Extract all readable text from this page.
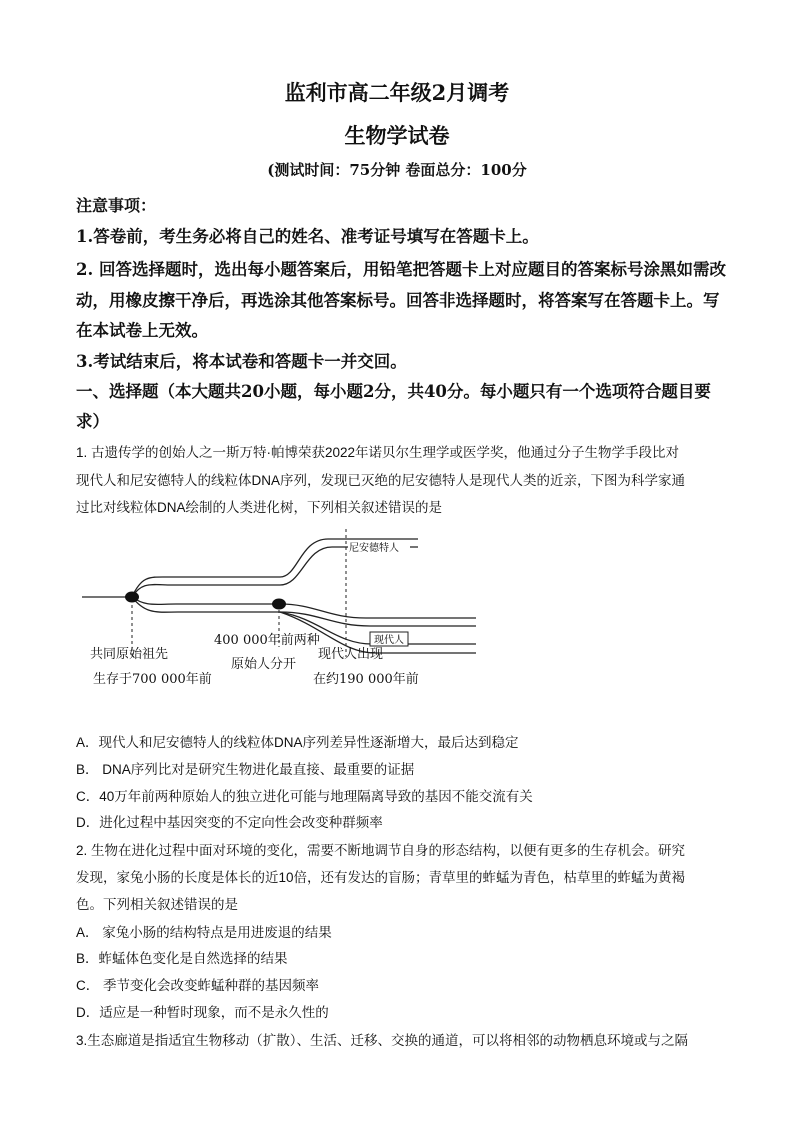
监利市高二年级2月调考
生物学试卷
(测试时间：75分钟 卷面总分：100分
注意事项：
1.答卷前，考生务必将自己的姓名、准考证号填写在答题卡上。
2. 回答选择题时，选出每小题答案后，用铅笔把答题卡上对应题目的答案标号涂黑如需改
动，用橡皮擦干净后，再选涂其他答案标号。回答非选择题时，将答案写在答题卡上。写
在本试卷上无效。
3.考试结束后，将本试卷和答题卡一并交回。
一、选择题（本大题共20小题，每小题2分，共40分。每小题只有一个选项符合题目要
求）
1. 古遗传学的创始人之一斯万特·帕博荣获2022年诺贝尔生理学或医学奖，他通过分子生物学手段比对
现代人和尼安德特人的线粒体DNA序列，发现已灭绝的尼安德特人是现代人类的近亲，下图为科学家通
过比对线粒体DNA绘制的人类进化树，下列相关叙述错误的是
尼安德特人
现代人
共同原始祖先
生存于700 000年前
400 000年前两种
原始人分开
现代人出现
在约190 000年前
A．现代人和尼安德特人的线粒体DNA序列差异性逐渐增大，最后达到稳定
B． DNA序列比对是研究生物进化最直接、最重要的证据
C．40万年前两种原始人的独立进化可能与地理隔离导致的基因不能交流有关
D．进化过程中基因突变的不定向性会改变种群频率
2. 生物在进化过程中面对环境的变化，需要不断地调节自身的形态结构，以便有更多的生存机会。研究
发现，家兔小肠的长度是体长的近10倍，还有发达的盲肠；青草里的蚱蜢为青色，枯草里的蚱蜢为黄褐
色。下列相关叙述错误的是
A． 家兔小肠的结构特点是用进废退的结果
B．蚱蜢体色变化是自然选择的结果
C． 季节变化会改变蚱蜢种群的基因频率
D．适应是一种暂时现象，而不是永久性的
3.生态廊道是指适宜生物移动（扩散）、生活、迁移、交换的通道，可以将相邻的动物栖息环境或与之隔
